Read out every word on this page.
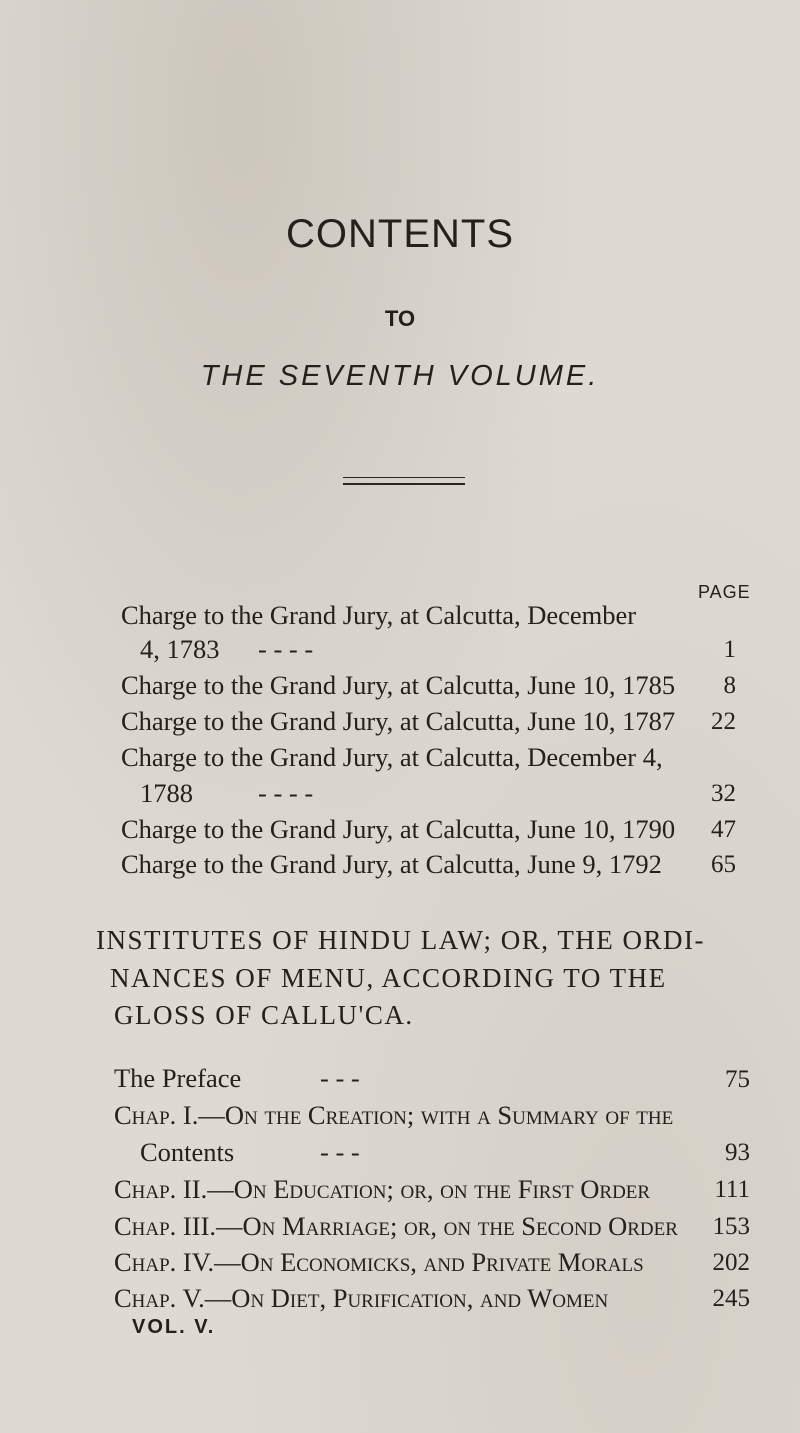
CONTENTS
TO
THE SEVENTH VOLUME.
PAGE
Charge to the Grand Jury, at Calcutta, December
4, 1783 - - - -	1
Charge to the Grand Jury, at Calcutta, June 10, 1785	8
Charge to the Grand Jury, at Calcutta, June 10, 1787	22
Charge to the Grand Jury, at Calcutta, December 4,
1788 - - - -	32
Charge to the Grand Jury, at Calcutta, June 10, 1790	47
Charge to the Grand Jury, at Calcutta, June 9, 1792	65
INSTITUTES OF HINDU LAW; OR, THE ORDI-
NANCES OF MENU, ACCORDING TO THE
GLOSS OF CALLU'CA.
The Preface	- - -	75
Chap. I.—On the Creation; with a Summary of the
Contents	- - -	93
Chap. II.—On Education; or, on the First Order	111
Chap. III.—On Marriage; or, on the Second Order	153
Chap. IV.—On Economicks, and Private Morals	202
Chap. V.—On Diet, Purification, and Women	245
VOL. V.
